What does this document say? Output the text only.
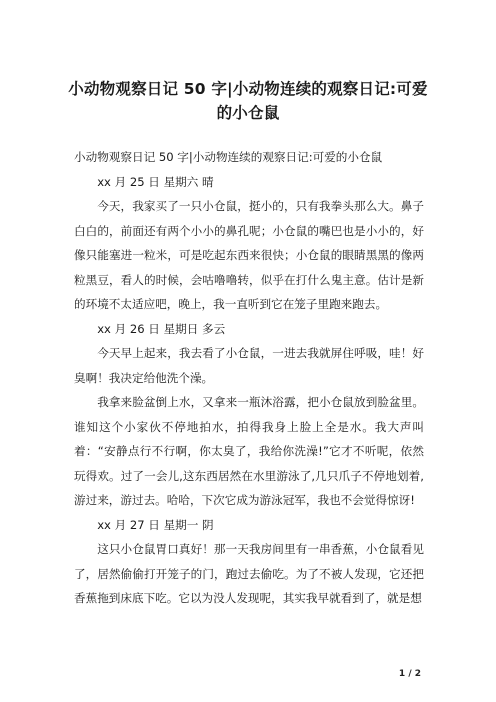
小动物观察日记 50 字|小动物连续的观察日记:可爱
的小仓鼠

小动物观察日记 50 字|小动物连续的观察日记:可爱的小仓鼠

xx 月 25 日 星期六 晴

今天，我家买了一只小仓鼠，挺小的，只有我拳头那么大。鼻子白白的，前面还有两个小小的鼻孔呢；小仓鼠的嘴巴也是小小的，好像只能塞进一粒米，可是吃起东西来很快；小仓鼠的眼睛黑黑的像两粒黑豆，看人的时候，会咕噜噜转，似乎在打什么鬼主意。估计是新的环境不太适应吧，晚上，我一直听到它在笼子里跑来跑去。

xx 月 26 日 星期日 多云

今天早上起来，我去看了小仓鼠，一进去我就屏住呼吸，哇！好臭啊！我决定给他洗个澡。

我拿来脸盆倒上水，又拿来一瓶沐浴露，把小仓鼠放到脸盆里。谁知这个小家伙不停地拍水，拍得我身上脸上全是水。我大声叫着：“安静点行不行啊，你太臭了，我给你洗澡!”它才不听呢，依然玩得欢。过了一会儿,这东西居然在水里游泳了,几只爪子不停地划着,游过来，游过去。哈哈，下次它成为游泳冠军，我也不会觉得惊讶!

xx 月 27 日 星期一 阴

这只小仓鼠胃口真好！那一天我房间里有一串香蕉，小仓鼠看见了，居然偷偷打开笼子的门，跑过去偷吃。为了不被人发现，它还把香蕉拖到床底下吃。它以为没人发现呢，其实我早就看到了，就是想

1 / 2
